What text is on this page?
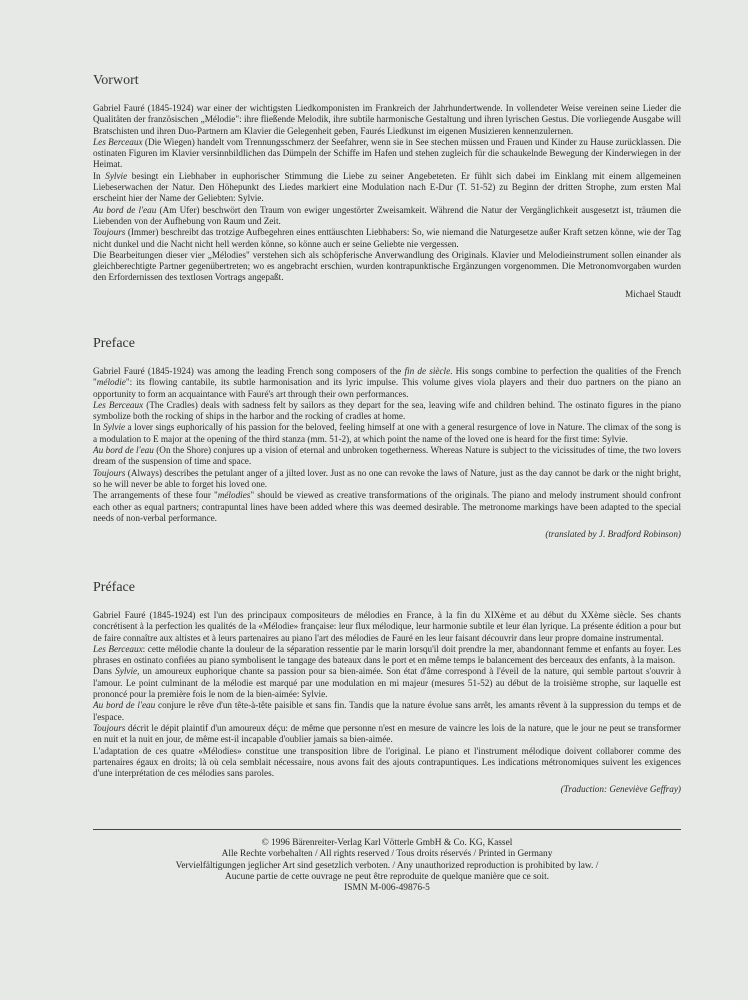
Vorwort

Gabriel Fauré (1845-1924) war einer der wichtigsten Liedkomponisten im Frankreich der Jahrhundertwende. In vollendeter Weise vereinen seine Lieder die Qualitäten der französischen „Mélodie": ihre fließende Melodik, ihre subtile harmonische Gestaltung und ihren lyrischen Gestus. Die vorliegende Ausgabe will Bratschisten und ihren Duo-Partnern am Klavier die Gelegenheit geben, Faurés Liedkunst im eigenen Musizieren kennenzulernen.

Les Berceaux (Die Wiegen) handelt vom Trennungsschmerz der Seefahrer, wenn sie in See stechen müssen und Frauen und Kinder zu Hause zurücklassen. Die ostinaten Figuren im Klavier versinnbildlichen das Dümpeln der Schiffe im Hafen und stehen zugleich für die schaukelnde Bewegung der Kinderwiegen in der Heimat.

In Sylvie besingt ein Liebhaber in euphorischer Stimmung die Liebe zu seiner Angebeteten. Er fühlt sich dabei im Einklang mit einem allgemeinen Liebeserwachen der Natur. Den Höhepunkt des Liedes markiert eine Modulation nach E-Dur (T. 51-52) zu Beginn der dritten Strophe, zum ersten Mal erscheint hier der Name der Geliebten: Sylvie.

Au bord de l'eau (Am Ufer) beschwört den Traum von ewiger ungestörter Zweisamkeit. Während die Natur der Vergänglichkeit ausgesetzt ist, träumen die Liebenden von der Aufhebung von Raum und Zeit.

Toujours (Immer) beschreibt das trotzige Aufbegehren eines enttäuschten Liebhabers: So, wie niemand die Naturgesetze außer Kraft setzen könne, wie der Tag nicht dunkel und die Nacht nicht hell werden könne, so könne auch er seine Geliebte nie vergessen.

Die Bearbeitungen dieser vier „Mélodies" verstehen sich als schöpferische Anverwandlung des Originals. Klavier und Melodieinstrument sollen einander als gleichberechtigte Partner gegenübertreten; wo es angebracht erschien, wurden kontrapunktische Ergänzungen vorgenommen. Die Metronomvorgaben wurden den Erfordernissen des textlosen Vortrags angepaßt.

Michael Staudt
Preface

Gabriel Fauré (1845-1924) was among the leading French song composers of the fin de siècle. His songs combine to perfection the qualities of the French "mélodie": its flowing cantabile, its subtle harmonisation and its lyric impulse. This volume gives viola players and their duo partners on the piano an opportunity to form an acquaintance with Fauré's art through their own performances.

Les Berceaux (The Cradles) deals with sadness felt by sailors as they depart for the sea, leaving wife and children behind. The ostinato figures in the piano symbolize both the rocking of ships in the harbor and the rocking of cradles at home.

In Sylvie a lover sings euphorically of his passion for the beloved, feeling himself at one with a general resurgence of love in Nature. The climax of the song is a modulation to E major at the opening of the third stanza (mm. 51-2), at which point the name of the loved one is heard for the first time: Sylvie.

Au bord de l'eau (On the Shore) conjures up a vision of eternal and unbroken togetherness. Whereas Nature is subject to the vicissitudes of time, the two lovers dream of the suspension of time and space.

Toujours (Always) describes the petulant anger of a jilted lover. Just as no one can revoke the laws of Nature, just as the day cannot be dark or the night bright, so he will never be able to forget his loved one.

The arrangements of these four "mélodies" should be viewed as creative transformations of the originals. The piano and melody instrument should confront each other as equal partners; contrapuntal lines have been added where this was deemed desirable. The metronome markings have been adapted to the special needs of non-verbal performance.

(translated by J. Bradford Robinson)
Préface

Gabriel Fauré (1845-1924) est l'un des principaux compositeurs de mélodies en France, à la fin du XIXème et au début du XXème siècle. Ses chants concrétisent à la perfection les qualités de la «Mélodie» française: leur flux mélodique, leur harmonie subtile et leur élan lyrique. La présente édition a pour but de faire connaître aux altistes et à leurs partenaires au piano l'art des mélodies de Fauré en les leur faisant découvrir dans leur propre domaine instrumental.

Les Berceaux: cette mélodie chante la douleur de la séparation ressentie par le marin lorsqu'il doit prendre la mer, abandonnant femme et enfants au foyer. Les phrases en ostinato confiées au piano symbolisent le tangage des bateaux dans le port et en même temps le balancement des berceaux des enfants, à la maison.

Dans Sylvie, un amoureux euphorique chante sa passion pour sa bien-aimée. Son état d'âme correspond à l'éveil de la nature, qui semble partout s'ouvrir à l'amour. Le point culminant de la mélodie est marqué par une modulation en mi majeur (mesures 51-52) au début de la troisième strophe, sur laquelle est prononcé pour la première fois le nom de la bien-aimée: Sylvie.

Au bord de l'eau conjure le rêve d'un tête-à-tête paisible et sans fin. Tandis que la nature évolue sans arrêt, les amants rêvent à la suppression du temps et de l'espace.

Toujours décrit le dépit plaintif d'un amoureux déçu: de même que personne n'est en mesure de vaincre les lois de la nature, que le jour ne peut se transformer en nuit et la nuit en jour, de même est-il incapable d'oublier jamais sa bien-aimée.

L'adaptation de ces quatre «Mélodies» constitue une transposition libre de l'original. Le piano et l'instrument mélodique doivent collaborer comme des partenaires égaux en droits; là où cela semblait nécessaire, nous avons fait des ajouts contrapuntiques. Les indications métronomiques suivent les exigences d'une interprétation de ces mélodies sans paroles.

(Traduction: Geneviève Geffray)
© 1996 Bärenreiter-Verlag Karl Vötterle GmbH & Co. KG, Kassel
Alle Rechte vorbehalten / All rights reserved / Tous droits réservés / Printed in Germany
Vervielfältigungen jeglicher Art sind gesetzlich verboten. / Any unauthorized reproduction is prohibited by law. /
Aucune partie de cette ouvrage ne peut être reproduite de quelque manière que ce soit.
ISMN M-006-49876-5
